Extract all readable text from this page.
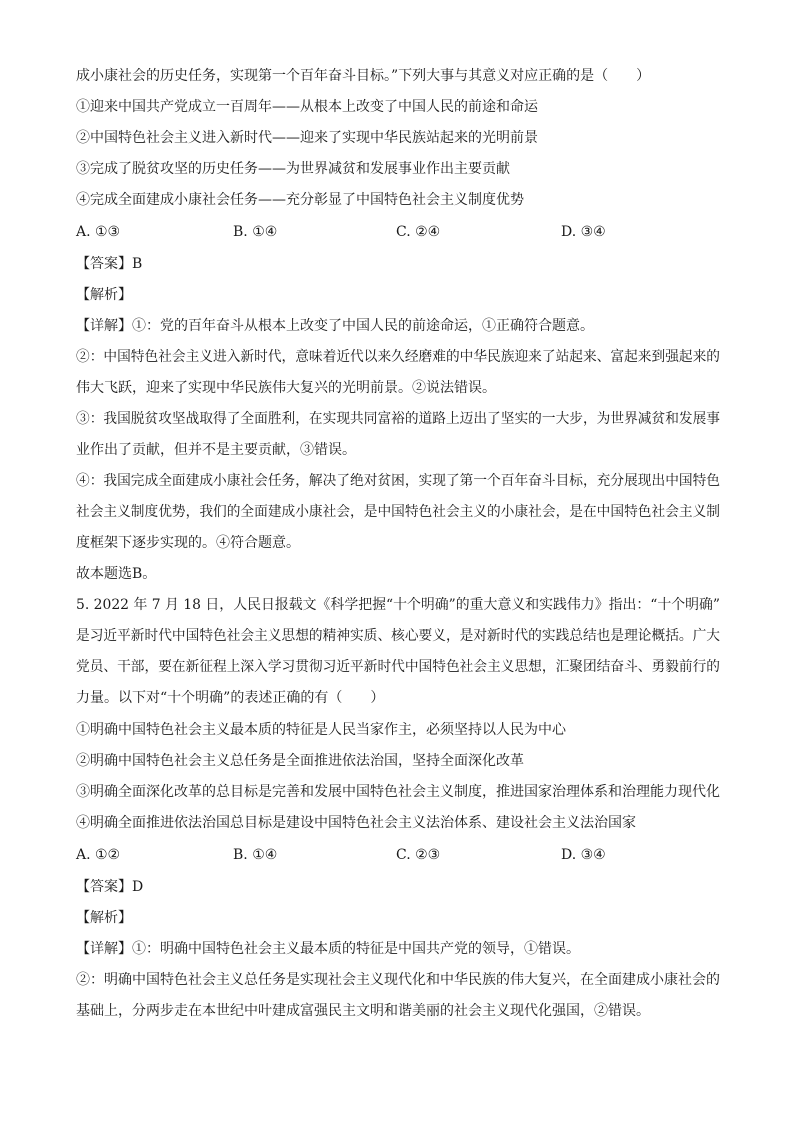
成小康社会的历史任务，实现第一个百年奋斗目标。”下列大事与其意义对应正确的是（　　）
①迎来中国共产党成立一百周年——从根本上改变了中国人民的前途和命运
②中国特色社会主义进入新时代——迎来了实现中华民族站起来的光明前景
③完成了脱贫攻坚的历史任务——为世界减贫和发展事业作出主要贡献
④完成全面建成小康社会任务——充分彰显了中国特色社会主义制度优势
A. ①③	B. ①④	C. ②④	D. ③④
【答案】B
【解析】
【详解】①：党的百年奋斗从根本上改变了中国人民的前途命运，①正确符合题意。
②：中国特色社会主义进入新时代，意味着近代以来久经磨难的中华民族迎来了站起来、富起来到强起来的
伟大飞跃，迎来了实现中华民族伟大复兴的光明前景。②说法错误。
③：我国脱贫攻坚战取得了全面胜利，在实现共同富裕的道路上迈出了坚实的一大步，为世界减贫和发展事
业作出了贡献，但并不是主要贡献，③错误。
④：我国完成全面建成小康社会任务，解决了绝对贫困，实现了第一个百年奋斗目标，充分展现出中国特色
社会主义制度优势，我们的全面建成小康社会，是中国特色社会主义的小康社会，是在中国特色社会主义制
度框架下逐步实现的。④符合题意。
故本题选B。
5. 2022 年 7 月 18 日，人民日报载文《科学把握“十个明确”的重大意义和实践伟力》指出：“十个明确”
是习近平新时代中国特色社会主义思想的精神实质、核心要义，是对新时代的实践总结也是理论概括。广大
党员、干部，要在新征程上深入学习贯彻习近平新时代中国特色社会主义思想，汇聚团结奋斗、勇毅前行的
力量。以下对“十个明确”的表述正确的有（　　）
①明确中国特色社会主义最本质的特征是人民当家作主，必须坚持以人民为中心
②明确中国特色社会主义总任务是全面推进依法治国，坚持全面深化改革
③明确全面深化改革的总目标是完善和发展中国特色社会主义制度，推进国家治理体系和治理能力现代化
④明确全面推进依法治国总目标是建设中国特色社会主义法治体系、建设社会主义法治国家
A. ①②	B. ①④	C. ②③	D. ③④
【答案】D
【解析】
【详解】①：明确中国特色社会主义最本质的特征是中国共产党的领导，①错误。
②：明确中国特色社会主义总任务是实现社会主义现代化和中华民族的伟大复兴，在全面建成小康社会的
基础上，分两步走在本世纪中叶建成富强民主文明和谐美丽的社会主义现代化强国，②错误。
